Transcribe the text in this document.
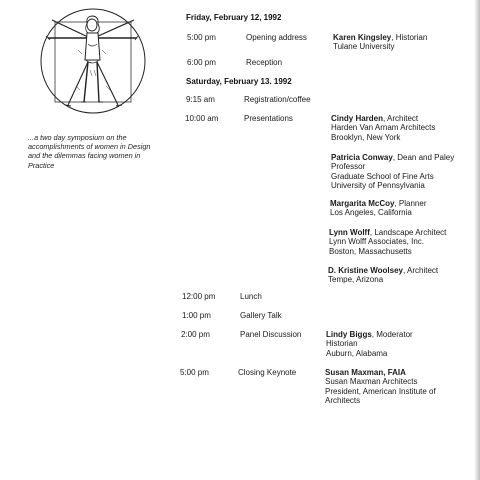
...a two day symposium on the accomplishments of women in Design and the dilemmas facing women in Practice
Friday, February 12, 1992
Saturday, February 13. 1992
5:00 pm	Opening address	Karen Kingsley, Historian
Tulane University
6:00 pm	Reception
9:15 am	Registration/coffee
10:00 am	Presentations	Cindy Harden, Architect
Harden Van Arnam Architects
Brooklyn, New York
Patricia Conway, Dean and Paley
Professor
Graduate School of Fine Arts
University of Pennsylvania
Margarita McCoy, Planner
Los Angeles, California
Lynn Wolff, Landscape Architect
Lynn Wolff Associates, Inc.
Boston, Massachusetts
D. Kristine Woolsey, Architect
Tempe, Arizona
12:00 pm	Lunch
1:00 pm	Gallery Talk
2:00 pm	Panel Discussion	Lindy Biggs, Moderator
Historian
Auburn, Alabama
5:00 pm	Closing Keynote	Susan Maxman, FAIA
Susan Maxman Architects
President, American Institute of
Architects
